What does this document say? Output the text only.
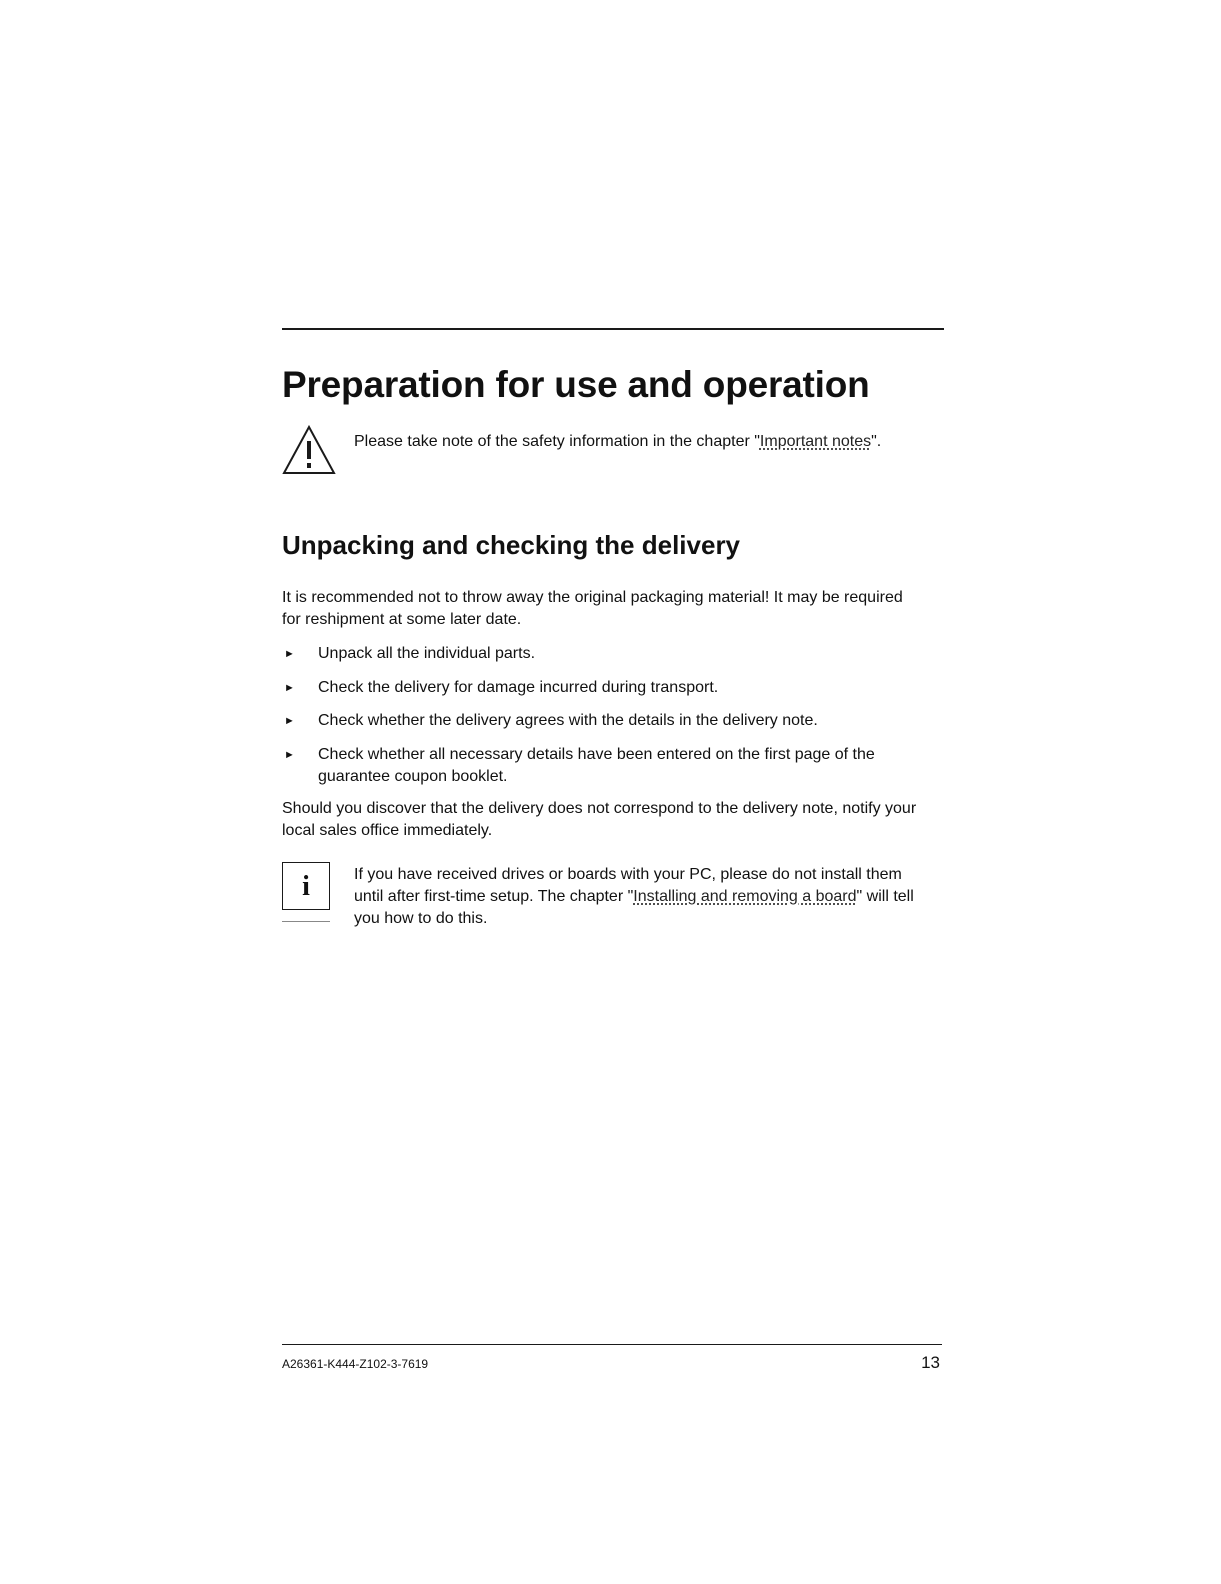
Preparation for use and operation
Please take note of the safety information in the chapter "Important notes".
Unpacking and checking the delivery

It is recommended not to throw away the original packaging material! It may be required for reshipment at some later date.

► Unpack all the individual parts.
► Check the delivery for damage incurred during transport.
► Check whether the delivery agrees with the details in the delivery note.
► Check whether all necessary details have been entered on the first page of the guarantee coupon booklet.

Should you discover that the delivery does not correspond to the delivery note, notify your local sales office immediately.

i	If you have received drives or boards with your PC, please do not install them until after first-time setup. The chapter "Installing and removing a board" will tell you how to do this.
A26361-K444-Z102-3-7619	13
